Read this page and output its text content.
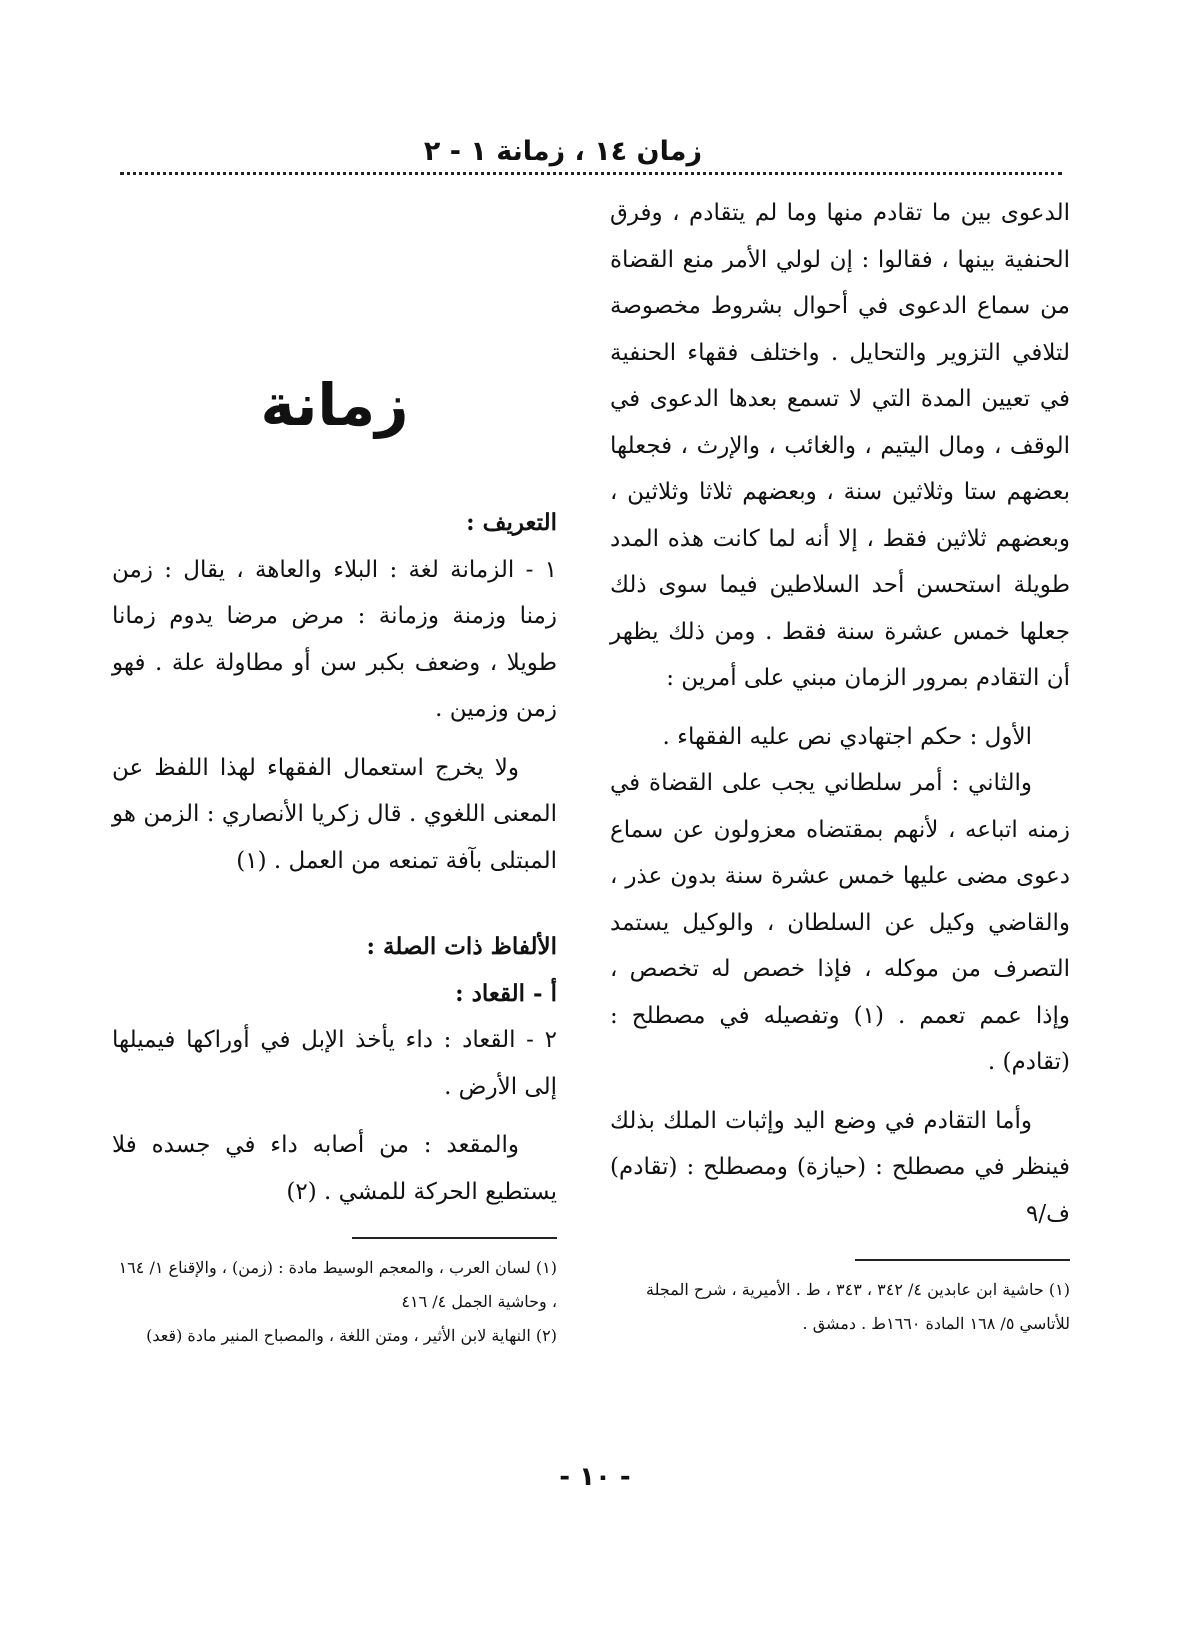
زمان ١٤ ، زمانة ١ - ٢

الدعوى بين ما تقادم منها وما لم يتقادم ، وفرق الحنفية بينها ، فقالوا : إن لولي الأمر منع القضاة من سماع الدعوى في أحوال بشروط مخصوصة لتلافي التزوير والتحايل . واختلف فقهاء الحنفية في تعيين المدة التي لا تسمع بعدها الدعوى في الوقف ، ومال اليتيم ، والغائب ، والإرث ، فجعلها بعضهم ستا وثلاثين سنة ، وبعضهم ثلاثا وثلاثين ، وبعضهم ثلاثين فقط ، إلا أنه لما كانت هذه المدد طويلة استحسن أحد السلاطين فيما سوى ذلك جعلها خمس عشرة سنة فقط . ومن ذلك يظهر أن التقادم بمرور الزمان مبني على أمرين :

الأول : حكم اجتهادي نص عليه الفقهاء .

والثاني : أمر سلطاني يجب على القضاة في زمنه اتباعه ، لأنهم بمقتضاه معزولون عن سماع دعوى مضى عليها خمس عشرة سنة بدون عذر ، والقاضي وكيل عن السلطان ، والوكيل يستمد التصرف من موكله ، فإذا خصص له تخصص ، وإذا عمم تعمم . (١) وتفصيله في مصطلح : (تقادم) .

وأما التقادم في وضع اليد وإثبات الملك بذلك فينظر في مصطلح : (حيازة) ومصطلح : (تقادم) ف/٩

(١) حاشية ابن عابدين ٤/ ٣٤٢ ، ٣٤٣ ، ط . الأميرية ، شرح المجلة للأتاسي ٥/ ١٦٨ المادة ١٦٦٠ط . دمشق .

زمانة

التعريف :

١ - الزمانة لغة : البلاء والعاهة ، يقال : زمن زمنا وزمنة وزمانة : مرض مرضا يدوم زمانا طويلا ، وضعف بكبر سن أو مطاولة علة . فهو زمن وزمين .

ولا يخرج استعمال الفقهاء لهذا اللفظ عن المعنى اللغوي . قال زكريا الأنصاري : الزمن هو المبتلى بآفة تمنعه من العمل . (١)

الألفاظ ذات الصلة :

أ - القعاد :

٢ - القعاد : داء يأخذ الإبل في أوراكها فيميلها إلى الأرض .

والمقعد : من أصابه داء في جسده فلا يستطيع الحركة للمشي . (٢)

(١) لسان العرب ، والمعجم الوسيط مادة : (زمن) ، والإقناع ١/ ١٦٤ ، وحاشية الجمل ٤/ ٤١٦

(٢) النهاية لابن الأثير ، ومتن اللغة ، والمصباح المنير مادة (قعد)

- ١٠ -
